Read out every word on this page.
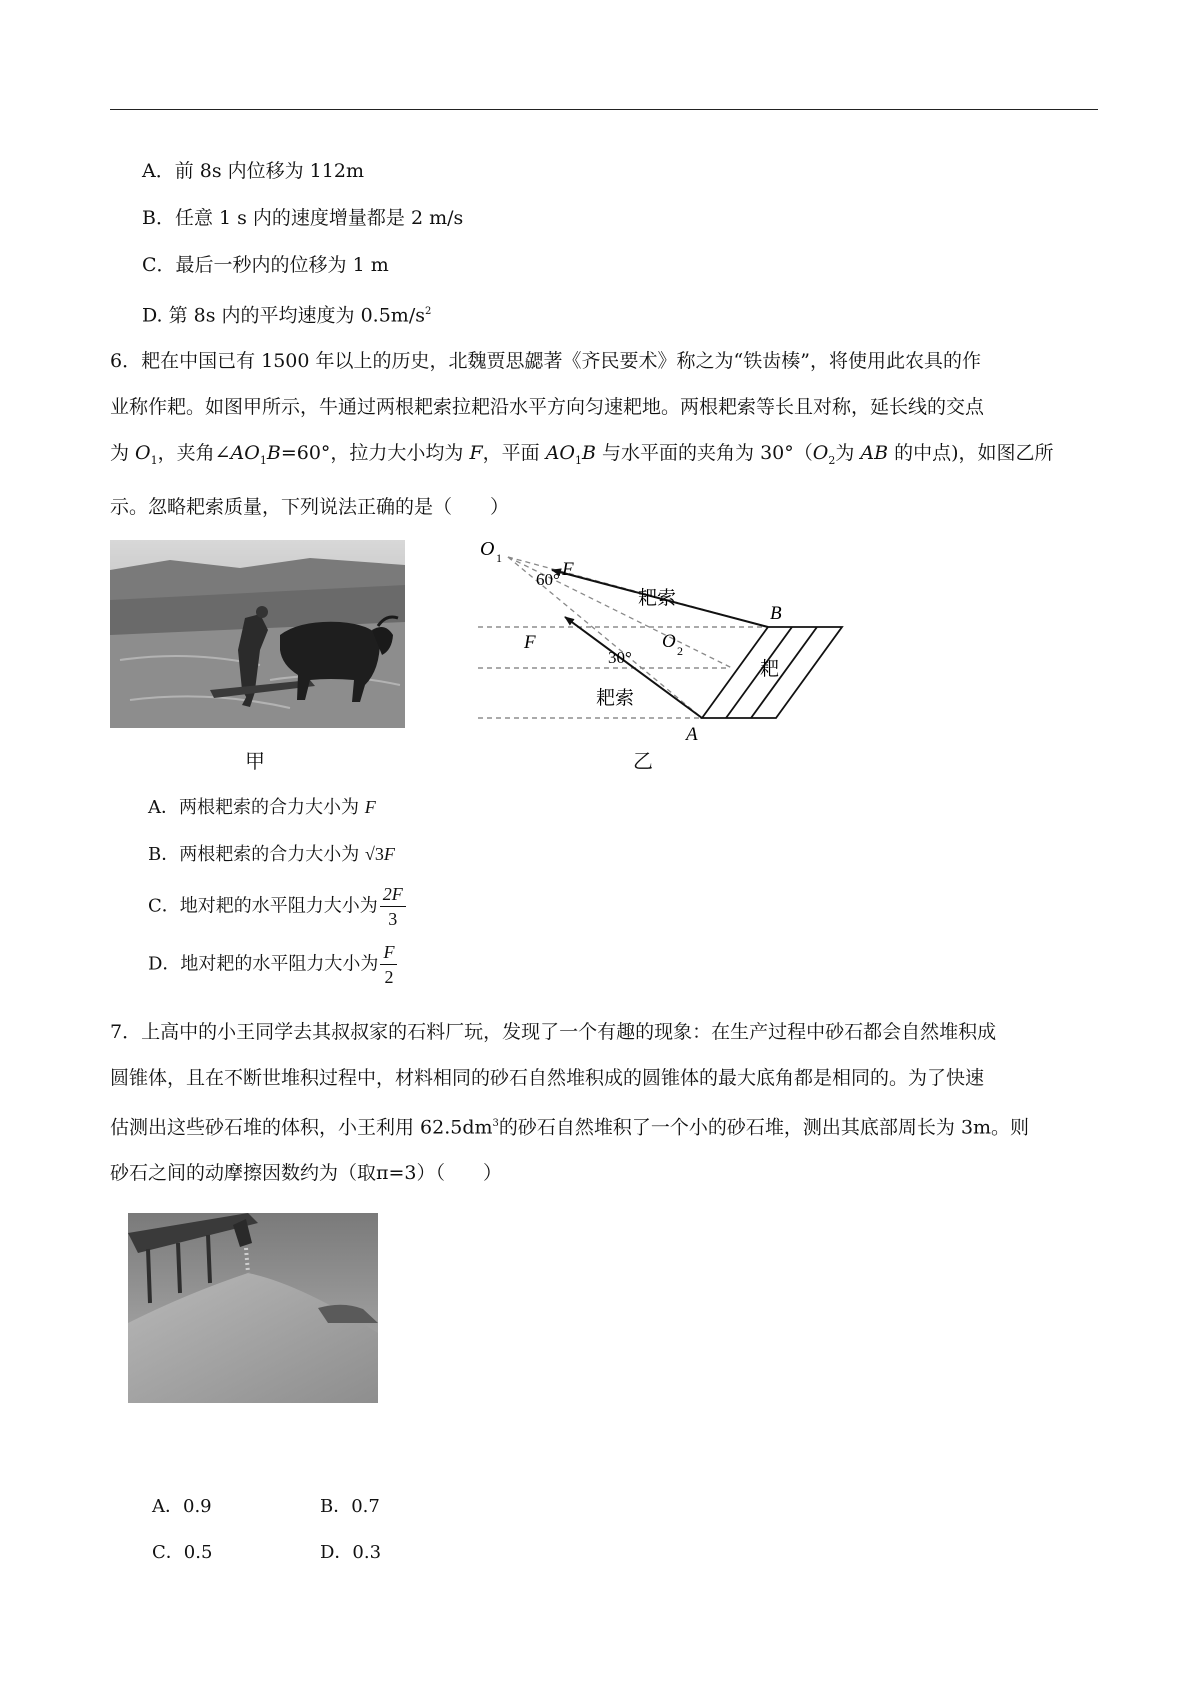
A．前 8s 内位移为 112m
B．任意 1 s 内的速度增量都是 2 m/s
C．最后一秒内的位移为 1 m
D. 第 8s 内的平均速度为 $0.5m/s^2$
6．耙在中国已有 1500 年以上的历史，北魏贾思勰著《齐民要术》称之为“铁齿楱”，将使用此农具的作
业称作耙。如图甲所示，牛通过两根耙索拉耙沿水平方向匀速耙地。两根耙索等长且对称，延长线的交点
为 $O_1$，夹角$\angle AO_1B=60^\circ$，拉力大小均为 F，平面 $AO_1B$ 与水平面的夹角为 $30^\circ(O_2$为 AB 的中点)，如图乙所
示。忽略耙索质量，下列说法正确的是（　　）
甲
O 1
F
60°
耙索
B
F	O 2
30°
耙
耙索
A
乙
A．两根耙索的合力大小为 F
B．两根耙索的合力大小为 √3F
C．地对耙的水平阻力大小为 $\frac{2F}{3}$
D．地对耙的水平阻力大小为 $\frac{F}{2}$
7．上高中的小王同学去其叔叔家的石料厂玩，发现了一个有趣的现象：在生产过程中砂石都会自然堆积成
圆锥体，且在不断世堆积过程中，材料相同的砂石自然堆积成的圆锥体的最大底角都是相同的。为了快速
估测出这些砂石堆的体积，小王利用 $62.5dm^3$的砂石自然堆积了一个小的砂石堆，测出其底部周长为 3m。则
砂石之间的动摩擦因数约为（取π=3）（　　）
A．0.9	B．0.7
C．0.5	D．0.3
